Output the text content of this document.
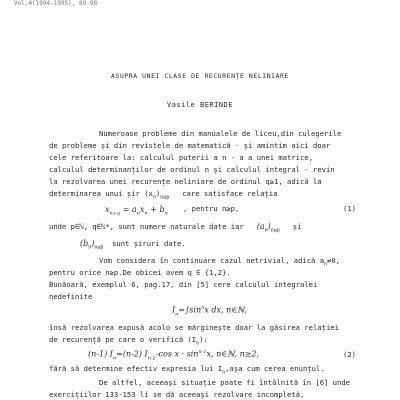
Vol.4(1994-1995), 89-98
ASUPRA UNEI CLASE DE RECURENȚE NELINIARE
Vasile BERINDE
Numeroase probleme din manualele de liceu,din culegerile
de probleme și din revistele de matematică - și amintim aici doar
cele referitoare la: calculul puterii a n - a a unei matrice,
calculul determinanților de ordinul n și calculul integral - revin
la rezolvarea unei recurențe neliniare de ordinul q≥1, adică la
determinarea unui șir $(x_n)_{n\ge p}$ care satisface relația
$x_{n+q} = a_nx_n + b_n$
, pentru n≥p,	(1)
unde p∈ℕ, q∈ℕ*, sunt numere naturale date iar $(a_n)_{n\ge p}$ și
$(b_n)_{n\ge p}$ sunt șiruri date.
Vom considera în continuare cazul netrivial, adică $a_n\ne 0$,
pentru orice n≥p.De obicei avem q ∈ {1,2}.
Bunăoară, exemplul 6, pag.17, din [5] cere calculul integralei
nedefinite
$I_n=\int\sin^nx$ dx, n∈ℕ,
însă rezolvarea expusă acolo se mărginește doar la găsirea relației
de recurență pe care o verifică $(I_n)$:
(n-1) $I_n=(n-2)$ $I_{n-2}-\cos$ $x \cdot \sin^{n-1}x$, n∈ℕ, n≥2,	(2)
fără să determine efectiv expresia lui $I_n,așa$ cum cerea enunțul.
De altfel, aceeași situație poate fi întâlnită în [6] unde
exercițiilor 133-153 li se dă aceeași rezolvare incompletă,
